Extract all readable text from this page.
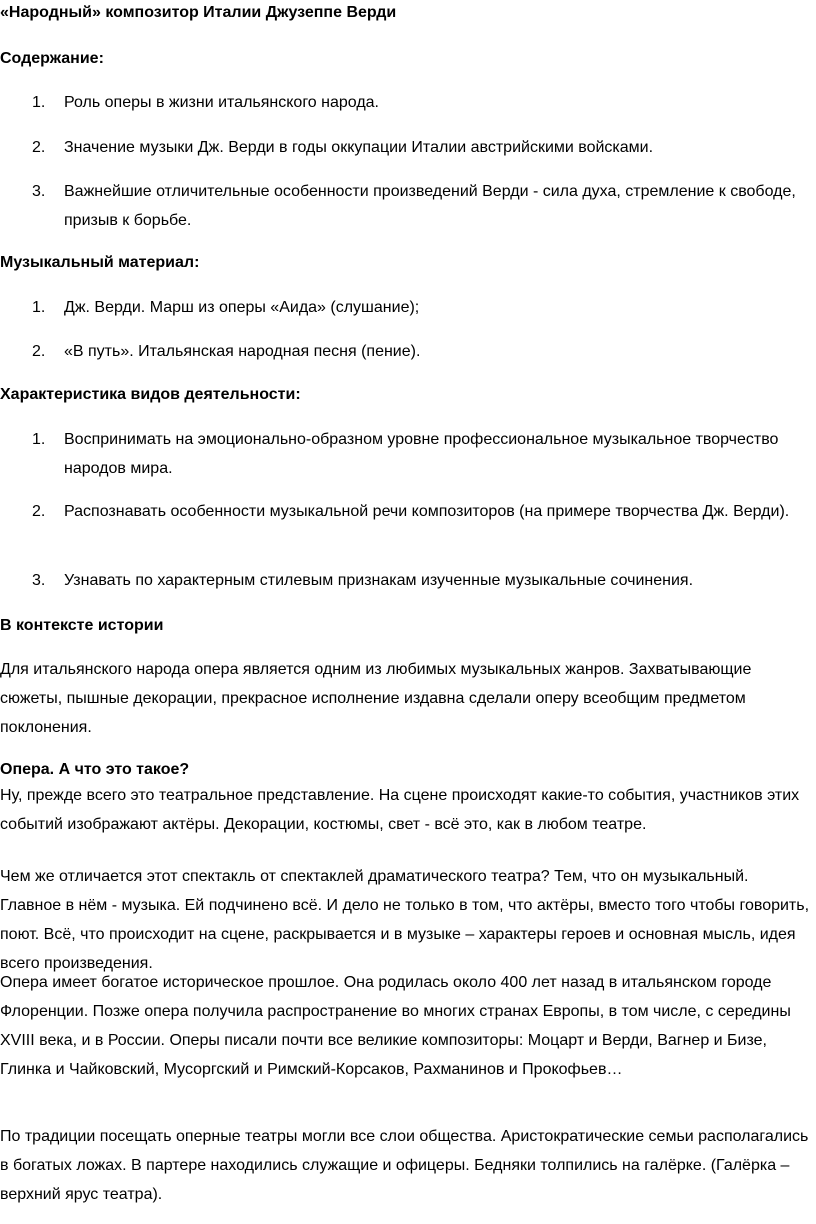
«Народный» композитор Италии Джузеппе Верди
Содержание:
1. Роль оперы в жизни итальянского народа.
2. Значение музыки Дж. Верди в годы оккупации Италии австрийскими войсками.
3. Важнейшие отличительные особенности произведений Верди - сила духа, стремление к свободе, призыв к борьбе.
Музыкальный материал:
1. Дж. Верди. Марш из оперы «Аида» (слушание);
2. «В путь». Итальянская народная песня (пение).
Характеристика видов деятельности:
1. Воспринимать на эмоционально-образном уровне профессиональное музыкальное творчество народов мира.
2. Распознавать особенности музыкальной речи композиторов (на примере творчества Дж. Верди).
3. Узнавать по характерным стилевым признакам изученные музыкальные сочинения.
В контексте истории
Для итальянского народа опера является одним из любимых музыкальных жанров. Захватывающие сюжеты, пышные декорации, прекрасное исполнение издавна сделали оперу всеобщим предметом поклонения.
Опера. А что это такое?
Ну, прежде всего это театральное представление. На сцене происходят какие-то события, участников этих событий изображают актёры. Декорации, костюмы, свет - всё это, как в любом театре.
Чем же отличается этот спектакль от спектаклей драматического театра? Тем, что он музыкальный. Главное в нём - музыка. Ей подчинено всё. И дело не только в том, что актёры, вместо того чтобы говорить, поют. Всё, что происходит на сцене, раскрывается и в музыке – характеры героев и основная мысль, идея всего произведения.
Опера имеет богатое историческое прошлое. Она родилась около 400 лет назад в итальянском городе Флоренции. Позже опера получила распространение во многих странах Европы, в том числе, с середины XVIII века, и в России. Оперы писали почти все великие композиторы: Моцарт и Верди, Вагнер и Бизе, Глинка и Чайковский, Мусоргский и Римский-Корсаков, Рахманинов и Прокофьев…
По традиции посещать оперные театры могли все слои общества. Аристократические семьи располагались в богатых ложах. В партере находились служащие и офицеры. Бедняки толпились на галёрке. (Галёрка – верхний ярус театра).
